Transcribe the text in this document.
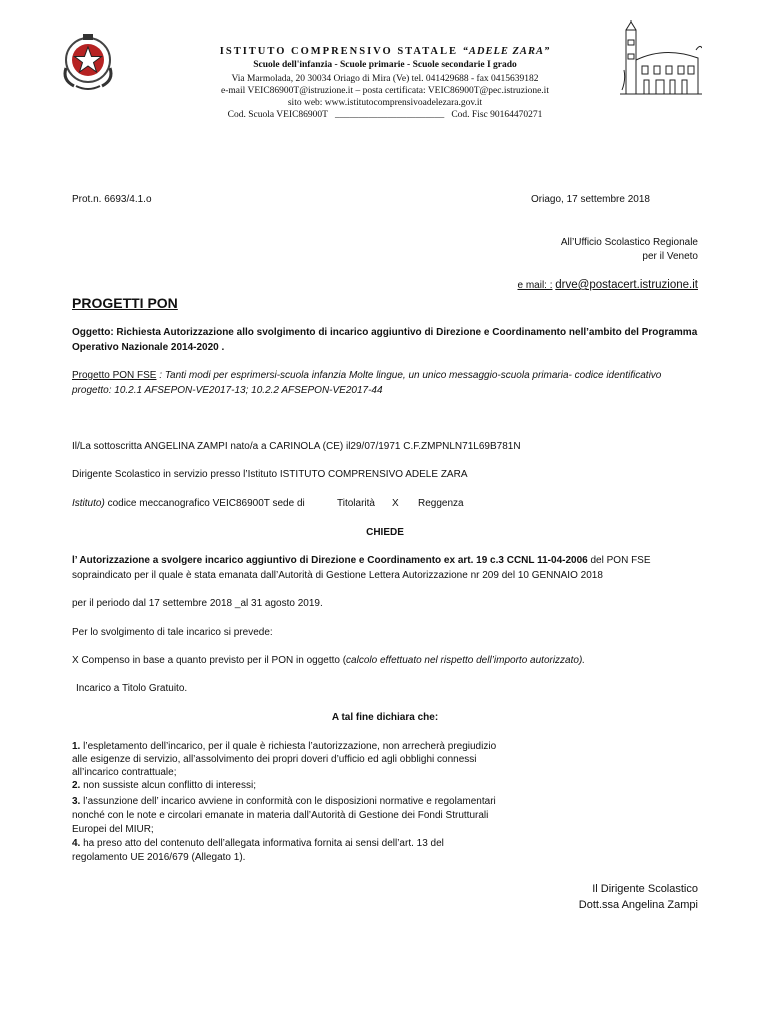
ISTITUTO COMPRENSIVO STATALE “ADELE ZARA”
Scuole dell'infanzia - Scuole primarie - Scuole secondarie I grado
Via Marmolada, 20 30034 Oriago di Mira (Ve) tel. 041429688 - fax 0415639182
e-mail VEIC86900T@istruzione.it – posta certificata: VEIC86900T@pec.istruzione.it
sito web: www.istitutocomprensivoadelezara.gov.it
Cod. Scuola VEIC86900T _______________________ Cod. Fisc 90164470271
Prot.n. 6693/4.1.o	Oriago, 17 settembre 2018
All’Ufficio Scolastico Regionale
per il Veneto
e mail: : drve@postacert.istruzione.it
PROGETTI PON
Oggetto: Richiesta Autorizzazione allo svolgimento di incarico aggiuntivo di Direzione e Coordinamento nell’ambito del Programma
Operativo Nazionale 2014-2020 .
Progetto PON FSE : Tanti modi per esprimersi-scuola infanzia Molte lingue, un unico messaggio-scuola primaria- codice identificativo
progetto: 10.2.1 AFSEPON-VE2017-13; 10.2.2 AFSEPON-VE2017-44
Il/La sottoscritta ANGELINA ZAMPI nato/a a CARINOLA (CE) il29/07/1971 C.F.ZMPNLN71L69B781N
Dirigente Scolastico in servizio presso l’Istituto ISTITUTO COMPRENSIVO ADELE ZARA
Istituto) codice meccanografico VEIC86900T sede di	Titolarità X Reggenza
CHIEDE
l’ Autorizzazione a svolgere incarico aggiuntivo di Direzione e Coordinamento ex art. 19 c.3 CCNL 11-04-2006 del PON FSE
sopraindicato per il quale è stata emanata dall’Autorità di Gestione Lettera Autorizzazione nr 209 del 10 GENNAIO 2018
per il periodo dal 17 settembre 2018 _al 31 agosto 2019.
Per lo svolgimento di tale incarico si prevede:
X Compenso in base a quanto previsto per il PON in oggetto (calcolo effettuato nel rispetto dell’importo autorizzato).
Incarico a Titolo Gratuito.
A tal fine dichiara che:
1. l’espletamento dell’incarico, per il quale è richiesta l’autorizzazione, non arrecherà pregiudizio
alle esigenze di servizio, all’assolvimento dei propri doveri d’ufficio ed agli obblighi connessi
all’incarico contrattuale;
2. non sussiste alcun conflitto di interessi;
3. l’assunzione dell’ incarico avviene in conformità con le disposizioni normative e regolamentari
nonché con le note e circolari emanate in materia dall’Autorità di Gestione dei Fondi Strutturali
Europei del MIUR;
4. ha preso atto del contenuto dell’allegata informativa fornita ai sensi dell’art. 13 del
regolamento UE 2016/679 (Allegato 1).
Il Dirigente Scolastico
Dott.ssa Angelina Zampi
